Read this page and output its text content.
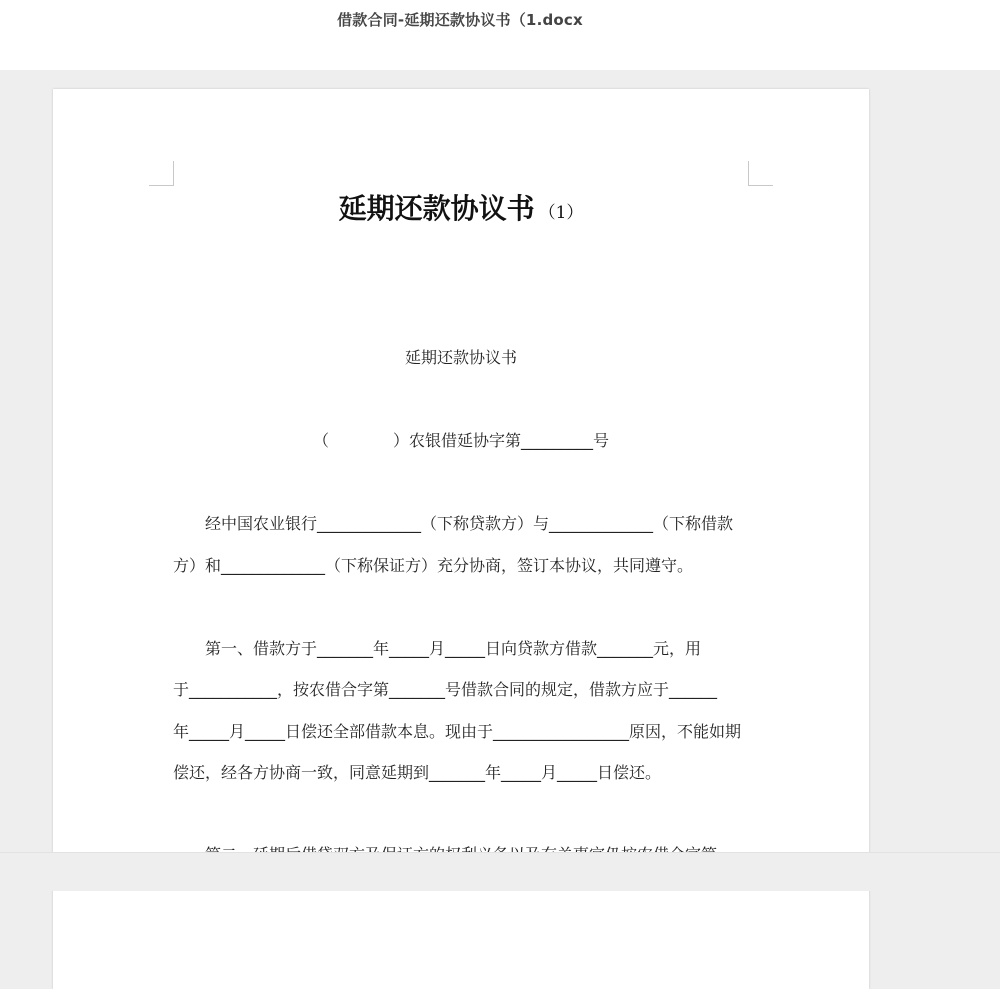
借款合同-延期还款协议书（1.docx
延期还款协议书 （1）
延期还款协议书
（　　　　）农银借延协字第_________号
经中国农业银行_____________（下称贷款方）与_____________（下称借款
方）和_____________（下称保证方）充分协商，签订本协议，共同遵守。
第一、借款方于_______年_____月_____日向贷款方借款_______元，用
于___________，按农借合字第_______号借款合同的规定，借款方应于______
年_____月_____日偿还全部借款本息。现由于_________________原因，不能如期
偿还，经各方协商一致，同意延期到_______年_____月_____日偿还。
